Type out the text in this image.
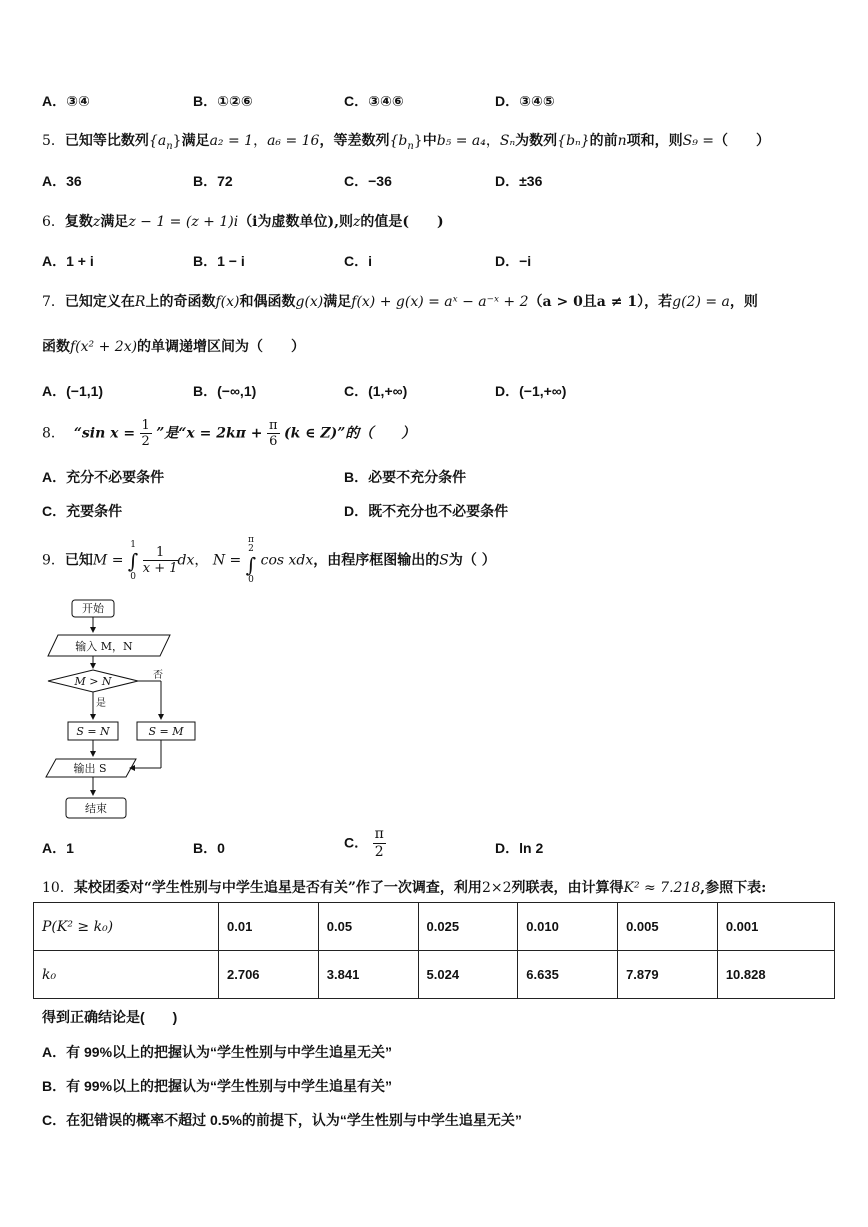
A．③④	B．①②⑥	C．③④⑥	D．③④⑤
5．已知等比数列$\{a_n\}$满足a₂ = 1，a₆ = 16，等差数列$\{b_n\}$中b₅ = a₄，Sₙ为数列{bₙ}的前n项和，则S₉ =（　　）
A．36	B．72	C．−36	D．±36
6．复数z满足z − 1 = (z + 1)i（i为虚数单位),则z的值是(　　)
A．1 + i	B．1 − i	C．i	D．−i
7．已知定义在R上的奇函数f(x)和偶函数g(x)满足f(x) + g(x) = aˣ − a⁻ˣ + 2（a > 0且a ≠ 1），若g(2) = a，则
函数f(x² + 2x)的单调递增区间为（　　）
A．(−1,1)	B．(−∞,1)	C．(1,+∞)	D．(−1,+∞)
8． “sin $x = \frac{1}{2}$ ”是“$x = 2k\pi + \frac{\pi}{6} (k$ ∈ Z)”的（　　）
A．充分不必要条件	B．必要不充分条件
C．充要条件	D．既不充分也不必要条件
9．已知M =
1
∫
0

$\frac{1}{x + 1}$ dx， N =
π
2
∫
0
cos xdx，由程序框图输出的S为（ ）
开始
输入 M，N
M > N	否
是
S = N	S = M
输出 S
结束
A．1	B．0	C． $\frac{\pi}{2}$	D．ln 2
10．某校团委对“学生性别与中学生追星是否有关”作了一次调查，利用2×2列联表，由计算得K² ≈ 7.218,参照下表:
P(K² ≥ k₀)	0.01	0.05	0.025	0.010	0.005	0.001
k₀	2.706	3.841	5.024	6.635	7.879	10.828
得到正确结论是(　　)
A．有 99%以上的把握认为“学生性别与中学生追星无关”
B．有 99%以上的把握认为“学生性别与中学生追星有关”
C．在犯错误的概率不超过 0.5%的前提下，认为“学生性别与中学生追星无关”
